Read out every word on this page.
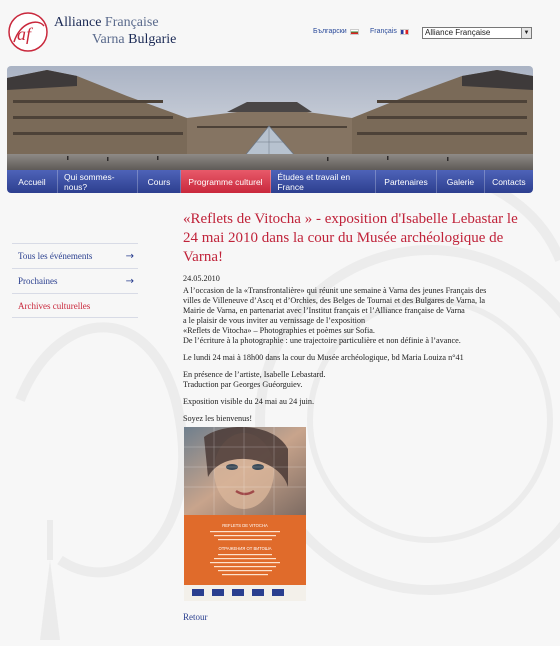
af
Alliance Française
Varna Bulgarie
Български	Français	Alliance Française	▼
Accueil	Qui sommes-nous?	Cours	Programme culturel	Études et travail en France	Partenaires	Galerie	Contacts
Tous les événements	→
Prochaines	→
Archives culturelles
«Reflets de Vitocha » - exposition d'Isabelle Lebastar le 24 mai 2010 dans la cour du Musée archéologique de Varna!
24.05.2010
A l’occasion de la «Transfrontalière» qui réunit une semaine à Varna des jeunes Français des
villes de Villeneuve d’Ascq et d’Orchies, des Belges de Tournai et des Bulgares de Varna, la
Mairie de Varna, en partenariat avec l’Institut français et l’Alliance française de Varna
a le plaisir de vous inviter au vernissage de l’exposition
«Reflets de Vitocha» – Photographies et poèmes sur Sofia.
De l’écriture à la photographie : une trajectoire particulière et non définie à l’avance.
Le lundi 24 mai à 18h00 dans la cour du Musée archéologique, bd Maria Louiza n°41
En présence de l’artiste, Isabelle Lebastard.
Traduction par Georges Guéorguiev.
Exposition visible du 24 mai au 24 juin.
Soyez les bienvenus!
REFLETS DE VITOCHA
ОТРАЖЕНИЯ ОТ ВИТОША
Retour
